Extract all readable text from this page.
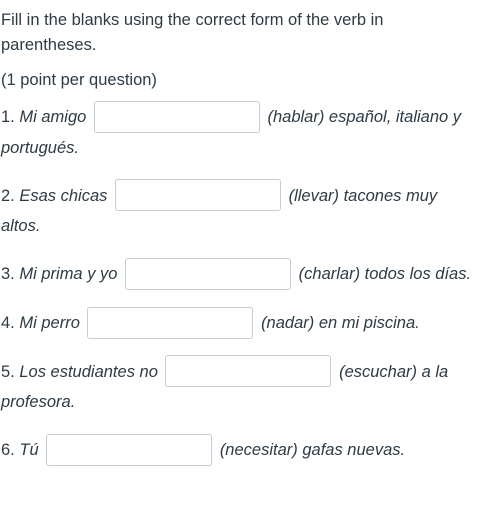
Fill in the blanks using the correct form of the verb in parentheses.

(1 point per question)

1. Mi amigo	(hablar) español, italiano y portugués.

2. Esas chicas	(llevar) tacones muy altos.

3. Mi prima y yo	(charlar) todos los días.

4. Mi perro	(nadar) en mi piscina.

5. Los estudiantes no	(escuchar) a la profesora.

6. Tú	(necesitar) gafas nuevas.
